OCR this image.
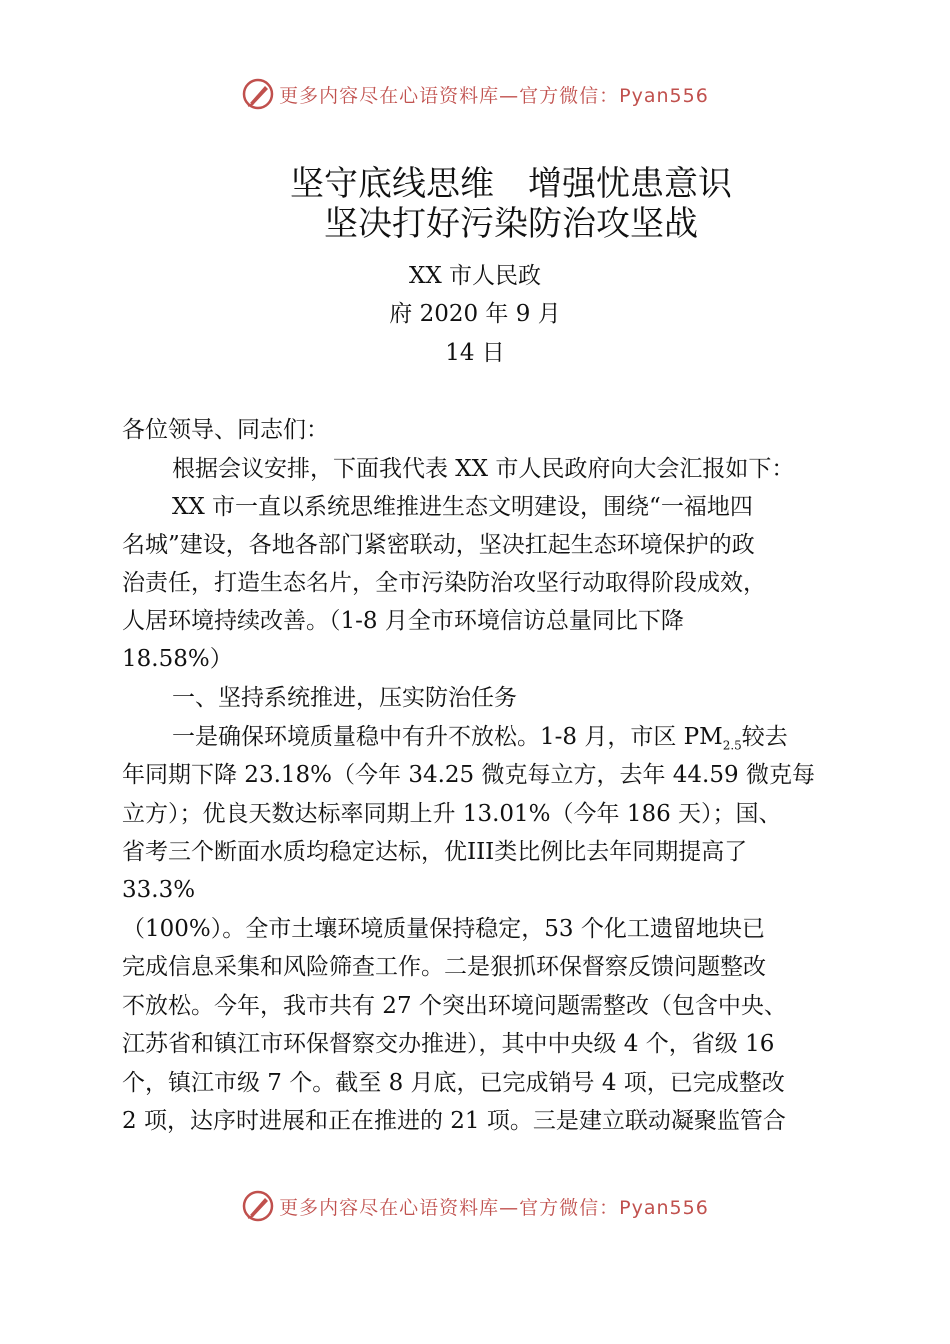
更多内容尽在心语资料库—官方微信：Pyan556
坚守底线思维　增强忧患意识
坚决打好污染防治攻坚战
XX 市人民政
府 2020 年 9 月
14 日
各位领导、同志们：
根据会议安排，下面我代表 XX 市人民政府向大会汇报如下：
XX 市一直以系统思维推进生态文明建设，围绕“一福地四
名城”建设，各地各部门紧密联动，坚决扛起生态环境保护的政
治责任，打造生态名片，全市污染防治攻坚行动取得阶段成效，
人居环境持续改善。（1-8 月全市环境信访总量同比下降
18.58%）
一、坚持系统推进，压实防治任务
一是确保环境质量稳中有升不放松。1-8 月，市区 $PM_{2.5}$较去
年同期下降 23.18%（今年 34.25 微克每立方，去年 44.59 微克每
立方）；优良天数达标率同期上升 13.01%（今年 186 天）；国、
省考三个断面水质均稳定达标，优III类比例比去年同期提高了
33.3%
（100%）。全市土壤环境质量保持稳定，53 个化工遗留地块已
完成信息采集和风险筛查工作。二是狠抓环保督察反馈问题整改
不放松。今年，我市共有 27 个突出环境问题需整改（包含中央、
江苏省和镇江市环保督察交办推进），其中中央级 4 个，省级 16
个，镇江市级 7 个。截至 8 月底，已完成销号 4 项，已完成整改
2 项，达序时进展和正在推进的 21 项。三是建立联动凝聚监管合
更多内容尽在心语资料库—官方微信：Pyan556
